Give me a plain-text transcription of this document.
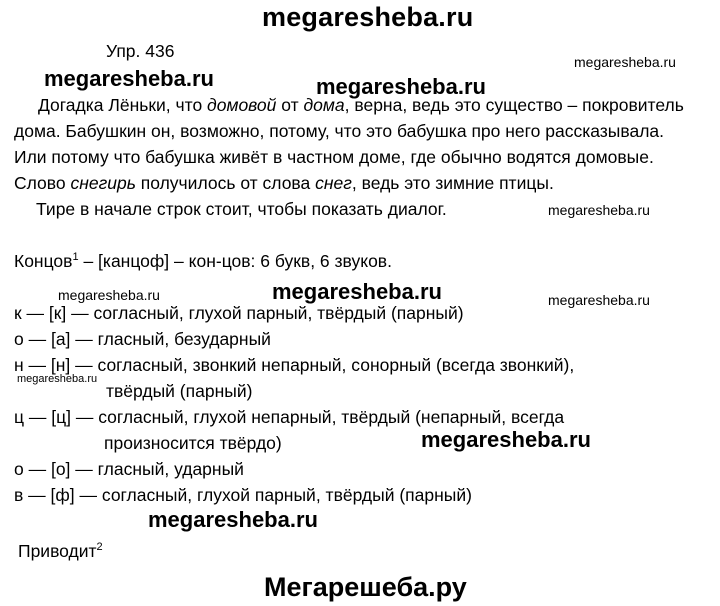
megaresheba.ru
megaresheba.ru	megaresheba.ru
megaresheba.ru
megaresheba.ru
megaresheba.ru	megaresheba.ru	megaresheba.ru
megaresheba.ru
megaresheba.ru
megaresheba.ru
Упр. 436
Догадка Лёньки, что домовой от дома, верна, ведь это существо – покровитель
дома. Бабушкин он, возможно, потому, что это бабушка про него рассказывала.
Или потому что бабушка живёт в частном доме, где обычно водятся домовые.
Слово снегирь получилось от слова снег, ведь это зимние птицы.
Тире в начале строк стоит, чтобы показать диалог.
Концов$^1$ – [канцоф] – кон-цов: 6 букв, 6 звуков.
к — [к] — согласный, глухой парный, твёрдый (парный)
о — [а] — гласный, безударный
н — [н] — согласный, звонкий непарный, сонорный (всегда звонкий),
твёрдый (парный)
ц — [ц] — согласный, глухой непарный, твёрдый (непарный, всегда
произносится твёрдо)
о — [о] — гласный, ударный
в — [ф] — согласный, глухой парный, твёрдый (парный)
Приводит$^2$
Мегарешеба.ру
